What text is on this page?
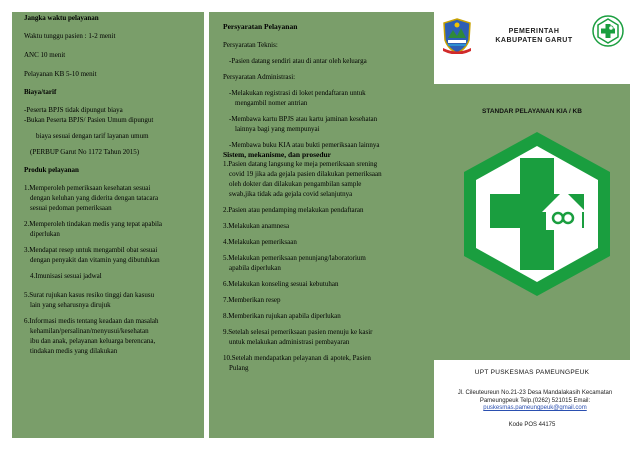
Jangka waktu pelayanan

Waktu tunggu pasien : 1-2 menit

ANC 10 menit

Pelayanan KB 5-10 menit

Biaya/tarif

-Peserta BPJS tidak dipungut biaya

-Bukan Peserta BPJS/ Pasien Umum dipungut

biaya sesuai dengan tarif layanan umum

(PERBUP Garut No 1172 Tahun 2015)

Produk pelayanan

1.Memperoleh pemeriksaan kesehatan sesuai

dengan keluhan yang diderita dengan tatacara

sesuai pedoman pemeriksaan

2.Memperoleh tindakan medis yang tepat apabila

diperlukan

3.Mendapat resep untuk mengambil obat sesuai

dengan penyakit dan vitamin yang dibutuhkan

4.Imunisasi sesuai jadwal

5.Surat rujukan kasus resiko tinggi dan kasusu

lain yang seharusnya dirujuk

6.Informasi medis tentang keadaan dan masalah

kehamilan/persalinan/menyusui/kesehatan

ibu dan anak, pelayanan keluarga berencana,

tindakan medis yang dilakukan

Persyaratan Pelayanan

Persyaratan Teknis:

-Pasien datang sendiri atau di antar oleh keluarga

Persyaratan Administrasi:

-Melakukan registrasi di loket pendaftaran untuk

mengambil nomer antrian

-Membawa kartu BPJS atau kartu jaminan kesehatan

lainnya bagi yang mempunyai

-Membawa buku KIA atau bukti pemeriksaan lainnya

Sistem, mekanisme, dan prosedur

1.Pasien datang langsung ke meja pemeriksaan srening

covid 19 jika ada gejala pasien dilakukan pemeriksaan

oleh dokter dan dilakukan pengambilan sample

swab,jika tidak ada gejala covid selanjutnya

2.Pasien atau pendamping melakukan pendaftaran

3.Melakukan anamnesa

4.Melakukan pemeriksaan

5.Melakukan pemeriksaan penunjang/laboratorium

apabila diperlukan

6.Melakukan konseling sesuai kebutuhan

7.Memberikan resep

8.Memberikan rujukan apabila diperlukan

9.Setelah selesai pemeriksaan pasien menuju ke kasir

untuk melakukan administrasi pembayaran

10.Setelah mendapatkan pelayanan di apotek, Pasien

Pulang

PEMERINTAH
KABUPATEN GARUT
STANDAR PELAYANAN KIA / KB
UPT PUSKESMAS PAMEUNGPEUK
Jl. Cileuteureun No.21-23 Desa Mandalakasih Kecamatan
Pameungpeuk Telp.(0262) 521015 Email:
puskesmas.pameungpeuk@gmail.com
Kode POS 44175
